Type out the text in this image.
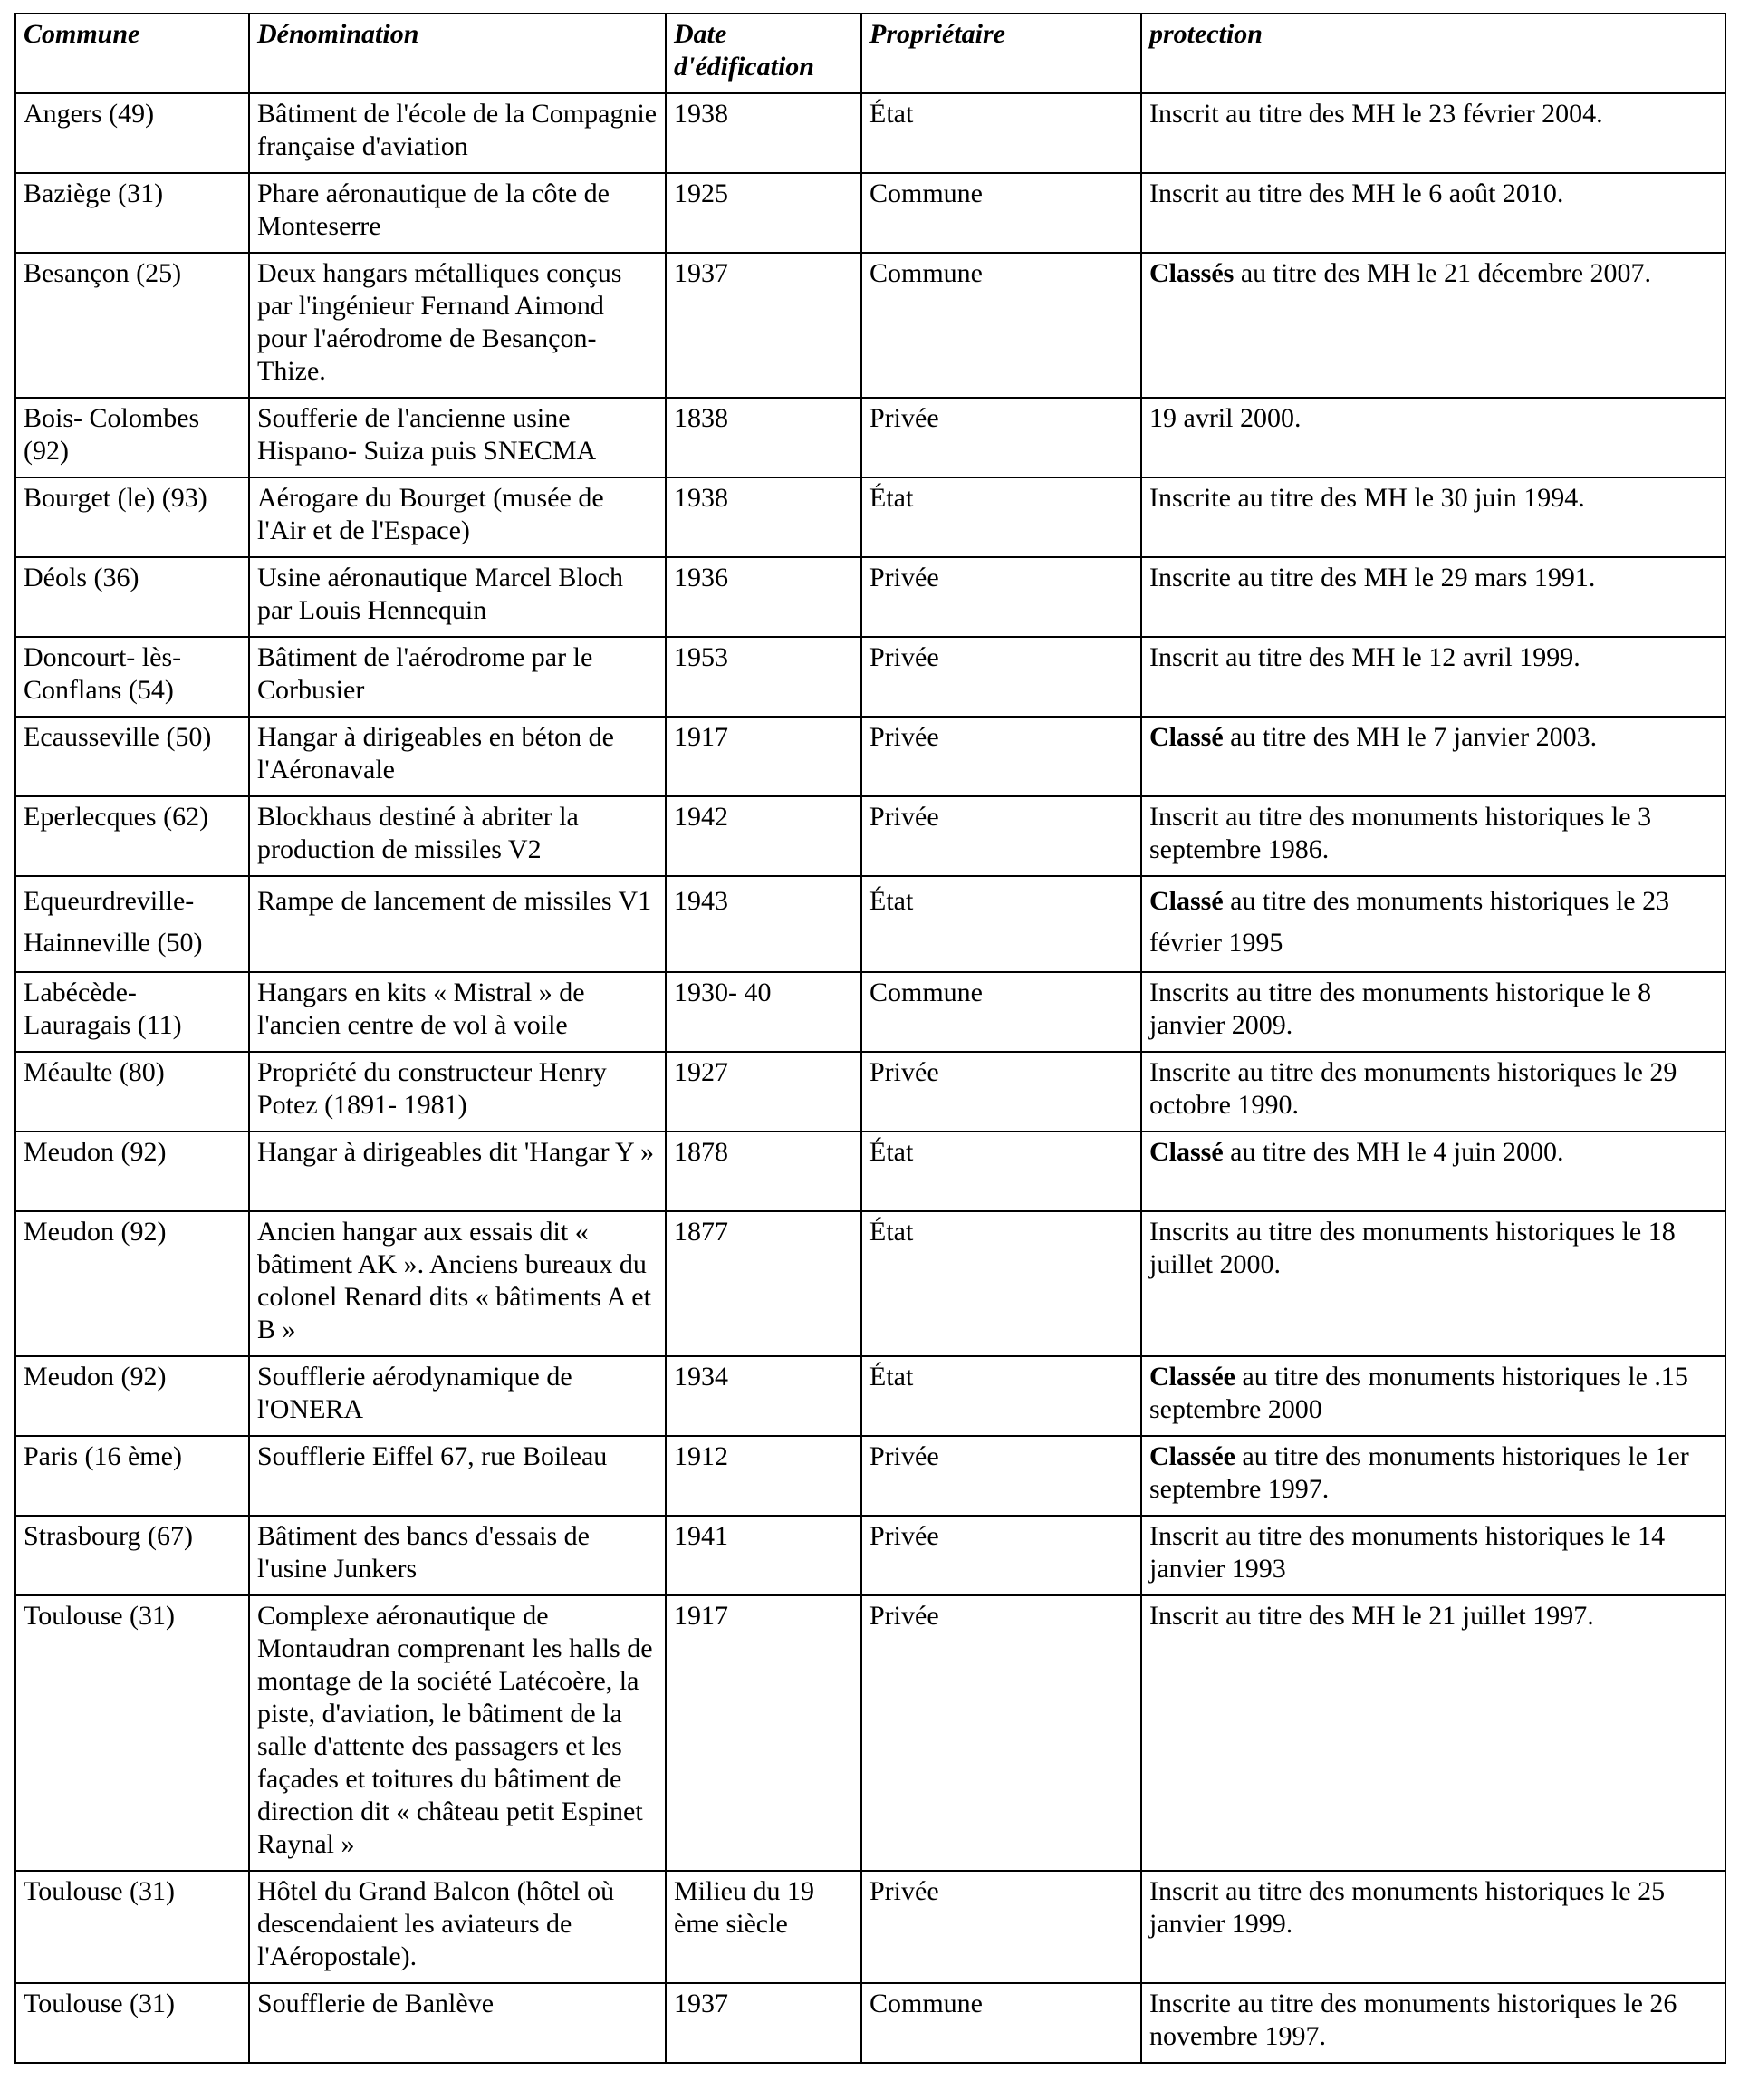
Commune	Dénomination	Date d'édification	Propriétaire	protection
Angers (49)	Bâtiment de l'école de la Compagnie française d'aviation	1938	État	Inscrit au titre des MH le 23 février 2004.
Baziège (31)	Phare aéronautique de la côte de Monteserre	1925	Commune	Inscrit au titre des MH le 6 août 2010.
Besançon (25)	Deux hangars métalliques conçus par l'ingénieur Fernand Aimond pour l'aérodrome de Besançon-Thize.	1937	Commune	Classés au titre des MH le 21 décembre 2007.
Bois- Colombes (92)	Soufferie de l'ancienne usine Hispano- Suiza puis SNECMA	1838	Privée	19 avril 2000.
Bourget (le) (93)	Aérogare du Bourget (musée de l'Air et de l'Espace)	1938	État	Inscrite au titre des MH le 30 juin 1994.
Déols (36)	Usine aéronautique Marcel Bloch par Louis Hennequin	1936	Privée	Inscrite au titre des MH le 29 mars 1991.
Doncourt- lès-Conflans (54)	Bâtiment de l'aérodrome par le Corbusier	1953	Privée	Inscrit au titre des MH le 12 avril 1999.
Ecausseville (50)	Hangar à dirigeables en béton de l'Aéronavale	1917	Privée	Classé au titre des MH le 7 janvier 2003.
Eperlecques (62)	Blockhaus destiné à abriter la production de missiles V2	1942	Privée	Inscrit au titre des monuments historiques le 3 septembre 1986.
Equeurdreville-Hainneville (50)	Rampe de lancement de missiles V1	1943	État	Classé au titre des monuments historiques le 23 février 1995
Labécède-Lauragais (11)	Hangars en kits « Mistral » de l'ancien centre de vol à voile	1930- 40	Commune	Inscrits au titre des monuments historique le 8 janvier 2009.
Méaulte (80)	Propriété du constructeur Henry Potez (1891- 1981)	1927	Privée	Inscrite au titre des monuments historiques le 29 octobre 1990.
Meudon (92)	Hangar à dirigeables dit 'Hangar Y »	1878	État	Classé au titre des MH le 4 juin 2000.
Meudon (92)	Ancien hangar aux essais dit « bâtiment AK ». Anciens bureaux du colonel Renard dits « bâtiments A et B »	1877	État	Inscrits au titre des monuments historiques le 18 juillet 2000.
Meudon (92)	Soufflerie aérodynamique de l'ONERA	1934	État	Classée au titre des monuments historiques le .15 septembre 2000
Paris (16 ème)	Soufflerie Eiffel 67, rue Boileau	1912	Privée	Classée au titre des monuments historiques le 1er septembre 1997.
Strasbourg (67)	Bâtiment des bancs d'essais de l'usine Junkers	1941	Privée	Inscrit au titre des monuments historiques le 14 janvier 1993
Toulouse (31)	Complexe aéronautique de Montaudran comprenant les halls de montage de la société Latécoère, la piste, d'aviation, le bâtiment de la salle d'attente des passagers et les façades et toitures du bâtiment de direction dit « château petit Espinet Raynal »	1917	Privée	Inscrit au titre des MH le 21 juillet 1997.
Toulouse (31)	Hôtel du Grand Balcon (hôtel où descendaient les aviateurs de l'Aéropostale).	Milieu du 19 ème siècle	Privée	Inscrit au titre des monuments historiques le 25 janvier 1999.
Toulouse (31)	Soufflerie de Banlève	1937	Commune	Inscrite au titre des monuments historiques le 26 novembre 1997.
